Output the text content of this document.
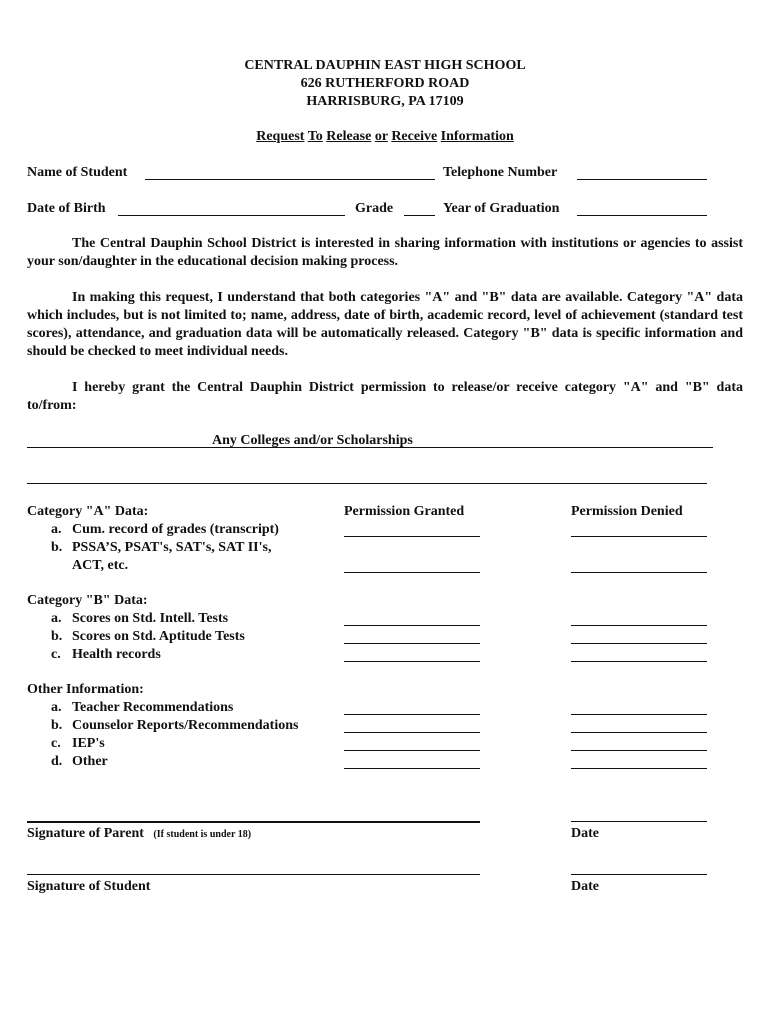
CENTRAL DAUPHIN EAST HIGH SCHOOL
626 RUTHERFORD ROAD
HARRISBURG, PA 17109
Request To Release or Receive Information
Name of Student	Telephone Number
Date of Birth	Grade	Year of Graduation
The Central Dauphin School District is interested in sharing information with institutions or agencies to assist your son/daughter in the educational decision making process.
In making this request, I understand that both categories "A" and "B" data are available. Category "A" data which includes, but is not limited to; name, address, date of birth, academic record, level of achievement (standard test scores), attendance, and graduation data will be automatically released. Category "B" data is specific information and should be checked to meet individual needs.
I hereby grant the Central Dauphin District permission to release/or receive category "A" and "B" data to/from:
Any Colleges and/or Scholarships
Permission Granted	Permission Denied
Category "A" Data:
a. Cum. record of grades (transcript)
b. PSSA’S, PSAT's, SAT's, SAT II's,
ACT, etc.
Category "B" Data:
a. Scores on Std. Intell. Tests
b. Scores on Std. Aptitude Tests
c. Health records
Other Information:
a. Teacher Recommendations
b. Counselor Reports/Recommendations
c. IEP's
d. Other
Signature of Parent (If student is under 18)	Date
Signature of Student	Date
